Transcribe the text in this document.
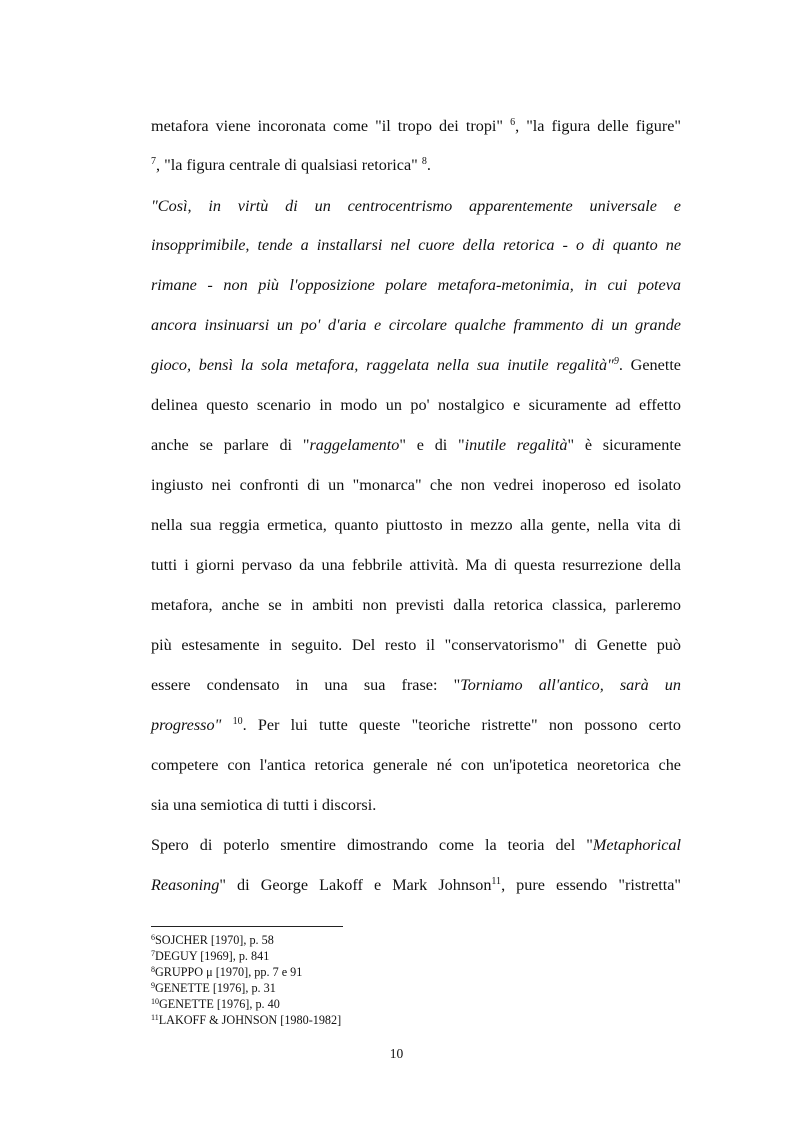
metafora viene incoronata come "il tropo dei tropi" $^6$, "la figura delle figure"
$^7$, "la figura centrale di qualsiasi retorica" $^8$.
"Così, in virtù di un centrocentrismo apparentemente universale e
insopprimibile, tende a installarsi nel cuore della retorica - o di quanto ne
rimane - non più l'opposizione polare metafora-metonimia, in cui poteva
ancora insinuarsi un po' d'aria e circolare qualche frammento di un grande
gioco, bensì la sola metafora, raggelata nella sua inutile regalità"$^9$. Genette
delinea questo scenario in modo un po' nostalgico e sicuramente ad effetto
anche se parlare di "raggelamento" e di "inutile regalità" è sicuramente
ingiusto nei confronti di un "monarca" che non vedrei inoperoso ed isolato
nella sua reggia ermetica, quanto piuttosto in mezzo alla gente, nella vita di
tutti i giorni pervaso da una febbrile attività. Ma di questa resurrezione della
metafora, anche se in ambiti non previsti dalla retorica classica, parleremo
più estesamente in seguito. Del resto il "conservatorismo" di Genette può
essere condensato in una sua frase: "Torniamo all'antico, sarà un
progresso" $^{10}$. Per lui tutte queste "teoriche ristrette" non possono certo
competere con l'antica retorica generale né con un'ipotetica neoretorica che
sia una semiotica di tutti i discorsi.
Spero di poterlo smentire dimostrando come la teoria del "Metaphorical
Reasoning" di George Lakoff e Mark Johnson$^{11}$, pure essendo "ristretta"
$^6$SOJCHER [1970], p. 58
$^7$DEGUY [1969], p. 841
$^8$GRUPPO μ [1970], pp. 7 e 91
$^9$GENETTE [1976], p. 31
$^{10}$GENETTE [1976], p. 40
$^{11}$LAKOFF & JOHNSON [1980-1982]
10
